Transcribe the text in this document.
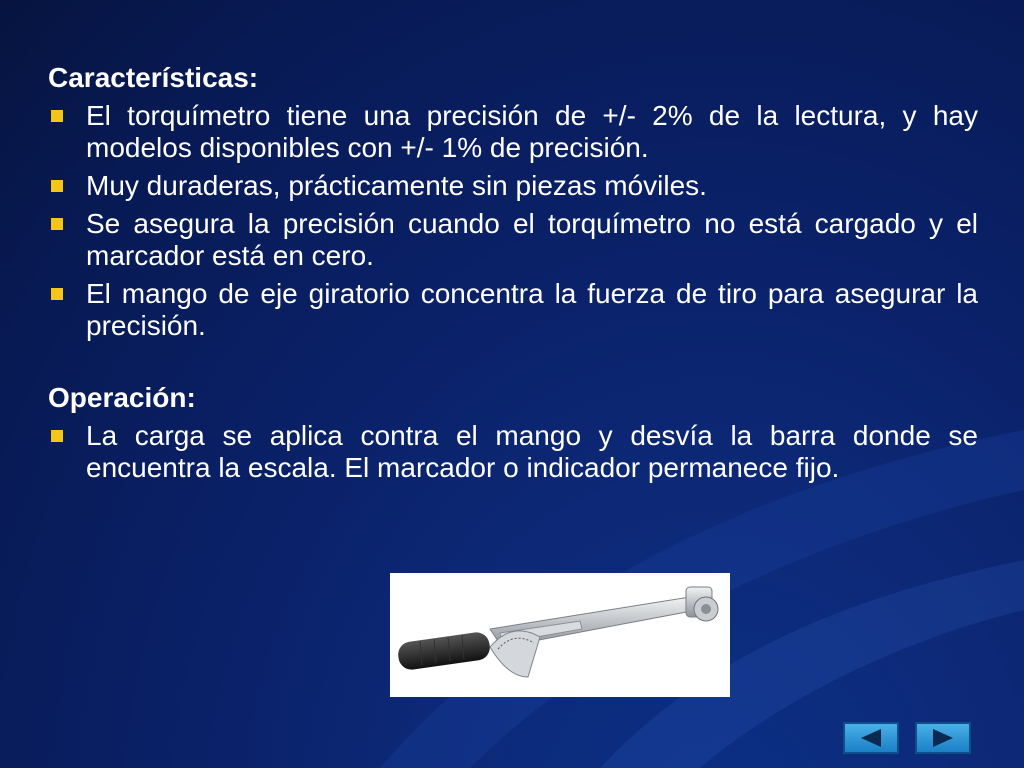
Características:
El torquímetro tiene una precisión de +/- 2% de la lectura, y hay modelos disponibles con +/- 1% de precisión.
Muy duraderas, prácticamente sin piezas móviles.
Se asegura la precisión cuando el torquímetro no está cargado y el marcador está en cero.
El mango de eje giratorio concentra la fuerza de tiro para asegurar la precisión.
Operación:
La carga se aplica contra el mango y desvía la barra donde se encuentra la escala. El marcador o indicador permanece fijo.
